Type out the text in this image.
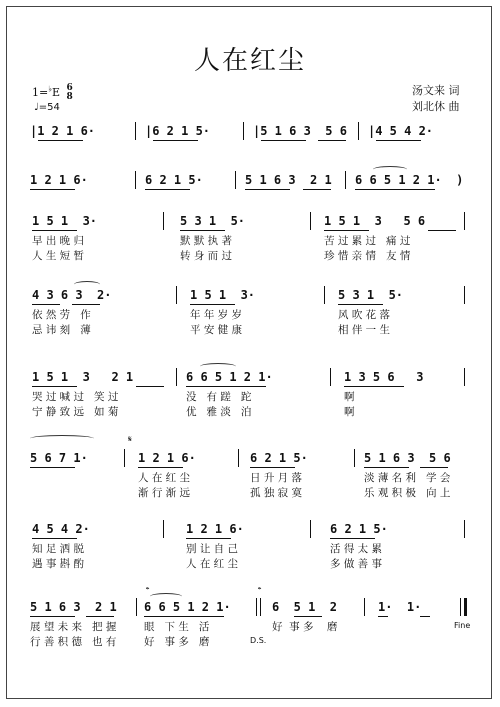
人在红尘
汤文来 词
刘北休 曲
1=♭E 6
8
♩=54
|1 2 1 6·	|6 2 1 5·	|5 1 6 3  5 6 |4 5 4 2·
1 2 1 6·	6 2 1 5·	5 1 6 3  2 1 6 6 5 1 2 1·  )
1 5 1  3·	5 3 1  5·	1 5 1  3   5 6

早 出 晚 归

	默 默 执 著

	苦 过 累 过   痛 过

人 生 短 暂

	转 身 而 过

	珍 惜 亲 情   友 情

4 3 6 3  2·	1 5 1  3·	5 3 1  5·

依 然 劳   作

	年 年 岁 岁

	风 吹 花 落

忌 讳 刻   薄

	平 安 健 康

	相 伴 一 生

1 5 1  3   2 1	6 6 5 1 2 1·	1 3 5 6   3

哭 过 喊 过   笑 过

	没   有 蹉   跎

	啊

宁 静 致 远   如 菊

	优   雅 淡   泊

	啊

𝄋
5 6 7 1·	1 2 1 6·	6 2 1 5·	5 1 6 3  5 6

人 在 红 尘

	日 升 月 落

	淡 薄 名 利   学 会

渐 行 渐 远

	孤 独 寂 寞

	乐 观 积 极   向 上

4 5 4 2·	1 2 1 6·	6 2 1 5·

知 足 洒 脱

	别 让 自 己

	活 得 太 累

遇 事 斟 酌

	人 在 红 尘

	多 做 善 事

𝄌	𝄌
5 1 6 3  2 1 6 6 5 1 2 1·	6  5 1  2	1·  1·

展 望 未 来   把 握

	眼   下 生   活

	好  事 多    磨

	Fine

行 善 积 德   也 有

	好   事 多   磨

	D.S.
